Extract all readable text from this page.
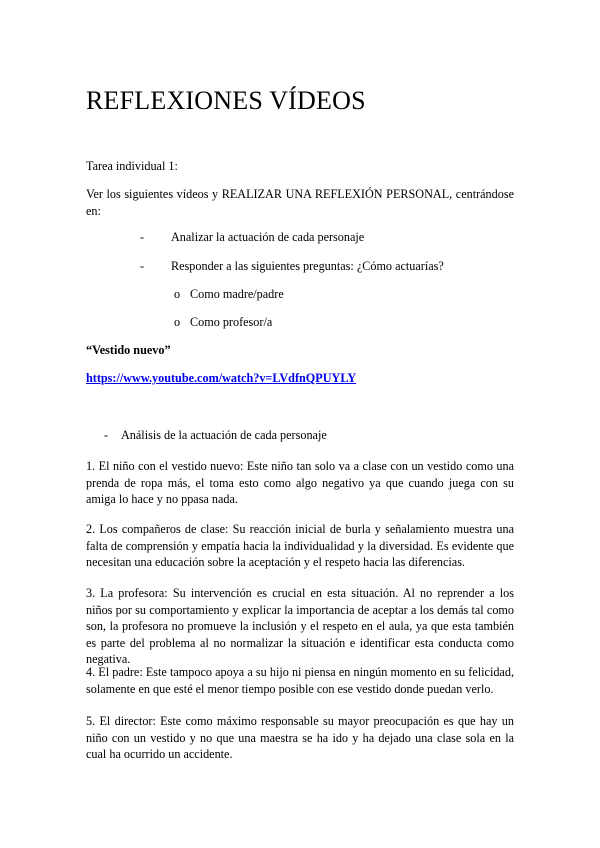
REFLEXIONES VÍDEOS
Tarea individual 1:
Ver los siguientes vídeos y REALIZAR UNA REFLEXIÓN PERSONAL, centrándose en:
- Analizar la actuación de cada personaje
- Responder a las siguientes preguntas: ¿Cómo actuarías?
o Como madre/padre
o Como profesor/a
“Vestido nuevo”
https://www.youtube.com/watch?v=LVdfnQPUYLY
- Análisis de la actuación de cada personaje
1. El niño con el vestido nuevo: Este niño tan solo va a clase con un vestido como una prenda de ropa más, el toma esto como algo negativo ya que cuando juega con su amiga lo hace y no ppasa nada.
2. Los compañeros de clase: Su reacción inicial de burla y señalamiento muestra una falta de comprensión y empatía hacia la individualidad y la diversidad. Es evidente que necesitan una educación sobre la aceptación y el respeto hacia las diferencias.
3. La profesora: Su intervención es crucial en esta situación. Al no reprender a los niños por su comportamiento y explicar la importancia de aceptar a los demás tal como son, la profesora no promueve la inclusión y el respeto en el aula, ya que esta también es parte del problema al no normalizar la situación e identificar esta conducta como negativa.
4. El padre: Este tampoco apoya a su hijo ni piensa en ningún momento en su felicidad, solamente en que esté el menor tiempo posible con ese vestido donde puedan verlo.
5. El director: Este como máximo responsable su mayor preocupación es que hay un niño con un vestido y no que una maestra se ha ido y ha dejado una clase sola en la cual ha ocurrido un accidente.
